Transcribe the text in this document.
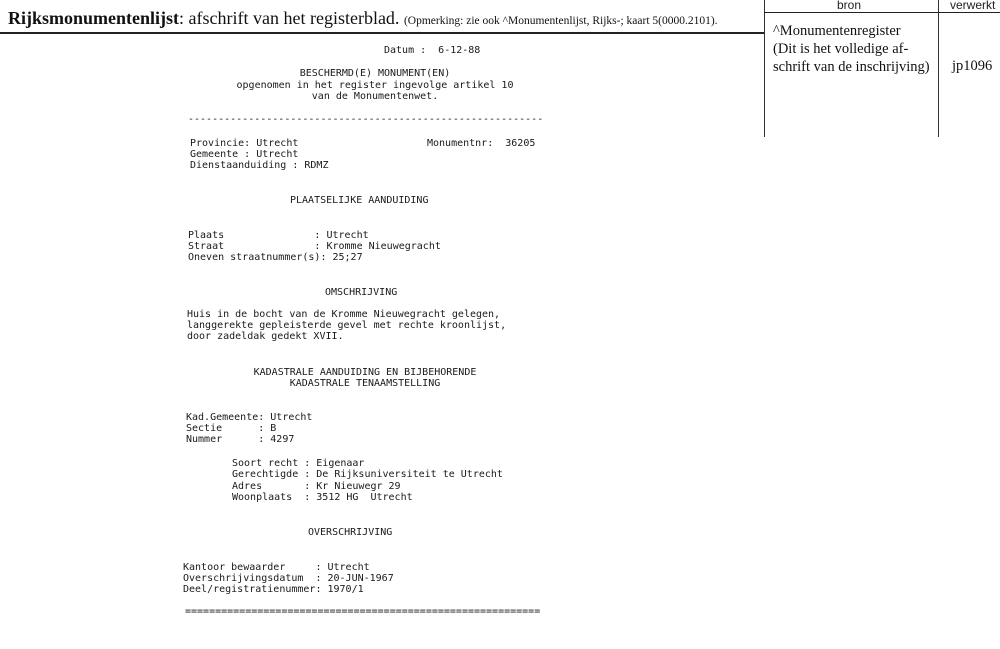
Rijksmonumentenlijst: afschrift van het registerblad. (Opmerking: zie ook ^Monumentenlijst, Rijks-; kaart 5(0000.2101).
bron	verwerkt
^Monumentenregister
(Dit is het volledige af-
schrift van de inschrijving)	jp1096
Datum :  6-12-88
BESCHERMD(E) MONUMENT(EN)
opgenomen in het register ingevolge artikel 10
van de Monumentenwet.
-----------------------------------------------------------
Provincie: Utrecht	Monumentnr:  36205
Gemeente : Utrecht
Dienstaanduiding : RDMZ
PLAATSELIJKE AANDUIDING
Plaats               : Utrecht
Straat               : Kromme Nieuwegracht
Oneven straatnummer(s): 25;27
OMSCHRIJVING
Huis in de bocht van de Kromme Nieuwegracht gelegen,
langgerekte gepleisterde gevel met rechte kroonlijst,
door zadeldak gedekt XVII.
KADASTRALE AANDUIDING EN BIJBEHORENDE
KADASTRALE TENAAMSTELLING
Kad.Gemeente: Utrecht
Sectie      : B
Nummer      : 4297
Soort recht : Eigenaar
Gerechtigde : De Rijksuniversiteit te Utrecht
Adres       : Kr Nieuwegr 29
Woonplaats  : 3512 HG  Utrecht
OVERSCHRIJVING
Kantoor bewaarder     : Utrecht
Overschrijvingsdatum  : 20-JUN-1967
Deel/registratienummer: 1970/1
===========================================================
